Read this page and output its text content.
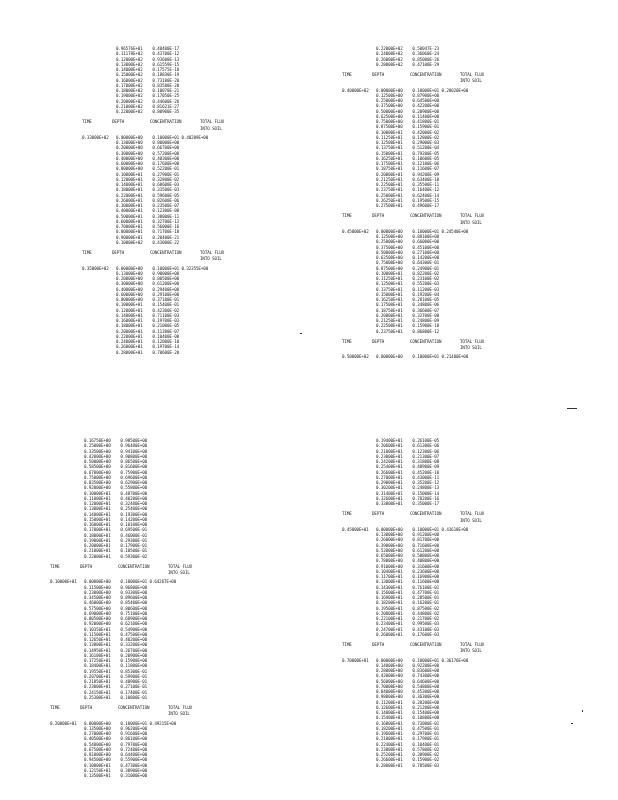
0.96576E+01 0.48400E-17
0.11178E+02 0.43700E-12
0.12000E+02 0.93600E-13
0.13000E+02 0.61559E-15
0.14000E+02 0.17575E-18
0.15000E+02 0.18830E-19
0.16000E+02 0.73180E-20
0.17000E+02 0.83580E-20
0.18000E+02 0.10070E-21
0.19000E+02 0.17050E-25
0.20000E+02 0.44600E-26
0.21000E+02 0.81621E-27
0.22000E+02 0.80900E-35
TIME	DEPTH	CONCENTRATION	TOTAL FLUX
INTO SOIL
0.33000E+02 0.00000E+00 0.10000E+01 0.48209E+00
0.13000E+00 0.80000E+00
0.20000E+00 0.66700E+00
0.30000E+00 0.57200E+00
0.40000E+00 0.40300E+00
0.60000E+00 0.17600E+00
0.80000E+00 0.52200E-01
0.10000E+01 0.27900E-01
0.12000E+01 0.32800E-02
0.14000E+01 0.68600E-03
0.18000E+01 0.33500E-03
0.22000E+01 0.59600E-05
0.26000E+01 0.82600E-06
0.30000E+01 0.23500E-07
0.40000E+01 0.12300E-08
0.50000E+01 0.38000E-11
0.60000E+01 0.32700E-13
0.70000E+01 0.56000E-16
0.80000E+01 0.71700E-18
0.90000E+01 0.20400E-21
0.10000E+02 0.43000E-22
TIME	DEPTH	CONCENTRATION	TOTAL FLUX
INTO SOIL
0.35000E+02 0.00000E+00 0.10000E+01 0.32355E+00
0.13000E+00 0.90000E+00
0.20000E+00 0.80500E+00
0.30000E+00 0.61200E+00
0.40000E+00 0.29400E+00
0.60000E+00 0.29100E+00
0.80000E+00 0.37100E-01
0.10000E+01 0.15400E-01
0.12000E+01 0.42300E-02
0.14000E+01 0.71100E-03
0.16000E+01 0.19700E-03
0.18000E+01 0.21000E-05
0.20000E+01 0.11380E-07
0.22000E+01 0.10400E-08
0.24000E+01 0.12000E-10
0.26000E+01 0.19700E-14
0.28000E+01 0.70600E-20
0.22000E+02 0.50047E-23
0.24000E+02 0.36060E-24
0.26000E+02 0.85000E-26
0.28000E+02 0.47100E-29
TIME	DEPTH	CONCENTRATION	TOTAL FLUX
INTO SOIL
0.40000E+02 0.00000E+00 0.10000E+01 0.28020E+00
0.12500E+00 0.87900E+00
0.25000E+00 0.64500E+00
0.37500E+00 0.42200E+00
0.50000E+00 0.20900E+00
0.62500E+00 0.11400E+00
0.75000E+00 0.41800E-01
0.87500E+00 0.15900E-01
0.10000E+01 0.42000E-02
0.11250E+01 0.12800E-02
0.12500E+01 0.29000E-03
0.13750E+01 0.51200E-04
0.15000E+01 0.79200E-05
0.16250E+01 0.10600E-05
0.17500E+01 0.12100E-06
0.18750E+01 0.11600E-07
0.20000E+01 0.94200E-09
0.21250E+01 0.63400E-10
0.22500E+01 0.35500E-11
0.23750E+01 0.16400E-12
0.25000E+01 0.62400E-14
0.26250E+01 0.19500E-15
0.27500E+01 0.49600E-17
TIME	DEPTH	CONCENTRATION	TOTAL FLUX
INTO SOIL
0.45000E+02 0.00000E+00 0.10000E+01 0.24540E+00
0.12500E+00 0.88100E+00
0.25000E+00 0.66000E+00
0.37500E+00 0.45100E+00
0.50000E+00 0.27100E+00
0.62500E+00 0.14200E+00
0.75000E+00 0.64300E-01
0.87500E+00 0.24900E-01
0.10000E+01 0.82200E-02
0.11250E+01 0.23100E-02
0.12500E+01 0.55200E-03
0.13750E+01 0.11200E-03
0.15000E+01 0.19200E-04
0.16250E+01 0.28100E-05
0.17500E+01 0.34800E-06
0.18750E+01 0.36600E-07
0.20000E+01 0.32700E-08
0.21250E+01 0.24800E-09
0.22500E+01 0.15900E-10
0.23750E+01 0.86800E-12
TIME	DEPTH	CONCENTRATION	TOTAL FLUX
INTO SOIL
0.50000E+02 0.00000E+00 0.10000E+01 0.21400E+00
0.16750E+00 0.98500E+00
0.25000E+00 0.96400E+00
0.33500E+00 0.94100E+00
0.42000E+00 0.90800E+00
0.50000E+00 0.86500E+00
0.58500E+00 0.81600E+00
0.67000E+00 0.75900E+00
0.75000E+00 0.69600E+00
0.83500E+00 0.62900E+00
0.92000E+00 0.55800E+00
0.10000E+01 0.48700E+00
0.11000E+01 0.40200E+00
0.12000E+01 0.32400E+00
0.13000E+01 0.25400E+00
0.14000E+01 0.19300E+00
0.15000E+01 0.14200E+00
0.16000E+01 0.10100E+00
0.17000E+01 0.69500E-01
0.18000E+01 0.46000E-01
0.19000E+01 0.29300E-01
0.20000E+01 0.17900E-01
0.21000E+01 0.10500E-01
0.22000E+01 0.59300E-02
TIME	DEPTH	CONCENTRATION	TOTAL FLUX
INTO SOIL
0.10000E+01 0.00000E+00 0.10000E+01 0.64267E+00
0.11500E+00 0.96800E+00
0.23000E+00 0.93300E+00
0.34500E+00 0.89600E+00
0.46000E+00 0.85400E+00
0.57500E+00 0.80600E+00
0.69000E+00 0.75100E+00
0.80500E+00 0.68900E+00
0.92000E+00 0.62100E+00
0.10350E+01 0.54900E+00
0.11500E+01 0.47500E+00
0.12650E+01 0.40200E+00
0.13800E+01 0.33200E+00
0.14950E+01 0.26700E+00
0.16100E+01 0.20900E+00
0.17250E+01 0.15900E+00
0.18400E+01 0.11800E+00
0.19550E+01 0.85300E-01
0.20700E+01 0.59900E-01
0.21850E+01 0.40900E-01
0.23000E+01 0.27100E-01
0.24150E+01 0.17400E-01
0.25300E+01 0.10800E-01
TIME	DEPTH	CONCENTRATION	TOTAL FLUX
INTO SOIL
0.20000E+01 0.00000E+00 0.10000E+01 0.49215E+00
0.13500E+00 0.96200E+00
0.27000E+00 0.91600E+00
0.40500E+00 0.86100E+00
0.54000E+00 0.79700E+00
0.67500E+00 0.72400E+00
0.81000E+00 0.64400E+00
0.94500E+00 0.55900E+00
0.10800E+01 0.47300E+00
0.12150E+01 0.38900E+00
0.13500E+01 0.31000E+00
0.19400E+01 0.26100E-05
0.20600E+01 0.61300E-06
0.21800E+01 0.12300E-06
0.23000E+01 0.21300E-07
0.24200E+01 0.31800E-08
0.25400E+01 0.40900E-09
0.26600E+01 0.45200E-10
0.27800E+01 0.43000E-11
0.29000E+01 0.35200E-12
0.30200E+01 0.24800E-13
0.31400E+01 0.15000E-14
0.32600E+01 0.78200E-16
0.33800E+01 0.35000E-17
TIME	DEPTH	CONCENTRATION	TOTAL FLUX
INTO SOIL
0.45000E+01 0.00000E+00 0.10000E+01 0.43618E+00
0.13000E+00 0.91200E+00
0.26000E+00 0.81700E+00
0.39000E+00 0.71600E+00
0.52000E+00 0.61200E+00
0.65000E+00 0.50800E+00
0.78000E+00 0.40800E+00
0.91000E+00 0.31600E+00
0.10400E+01 0.23600E+00
0.11700E+01 0.16900E+00
0.13000E+01 0.11600E+00
0.14300E+01 0.76100E-01
0.15600E+01 0.47700E-01
0.16900E+01 0.28500E-01
0.18200E+01 0.16200E-01
0.19500E+01 0.87500E-02
0.20800E+01 0.44800E-02
0.22100E+01 0.21700E-02
0.23400E+01 0.99500E-03
0.24700E+01 0.43100E-03
0.26000E+01 0.17600E-03
TIME	DEPTH	CONCENTRATION	TOTAL FLUX
INTO SOIL
0.70000E+01 0.00000E+00 0.10000E+01 0.36176E+00
0.14000E+00 0.92200E+00
0.28000E+00 0.83600E+00
0.42000E+00 0.74300E+00
0.56000E+00 0.64600E+00
0.70000E+00 0.54800E+00
0.84000E+00 0.45300E+00
0.98000E+00 0.36300E+00
0.11200E+01 0.28200E+00
0.12600E+01 0.21200E+00
0.14000E+01 0.15400E+00
0.15400E+01 0.10800E+00
0.16800E+01 0.73000E-01
0.18200E+01 0.47500E-01
0.19600E+01 0.29700E-01
0.21000E+01 0.17900E-01
0.22400E+01 0.10400E-01
0.23800E+01 0.57800E-02
0.25200E+01 0.30900E-02
0.26600E+01 0.15900E-02
0.28000E+01 0.78500E-03
